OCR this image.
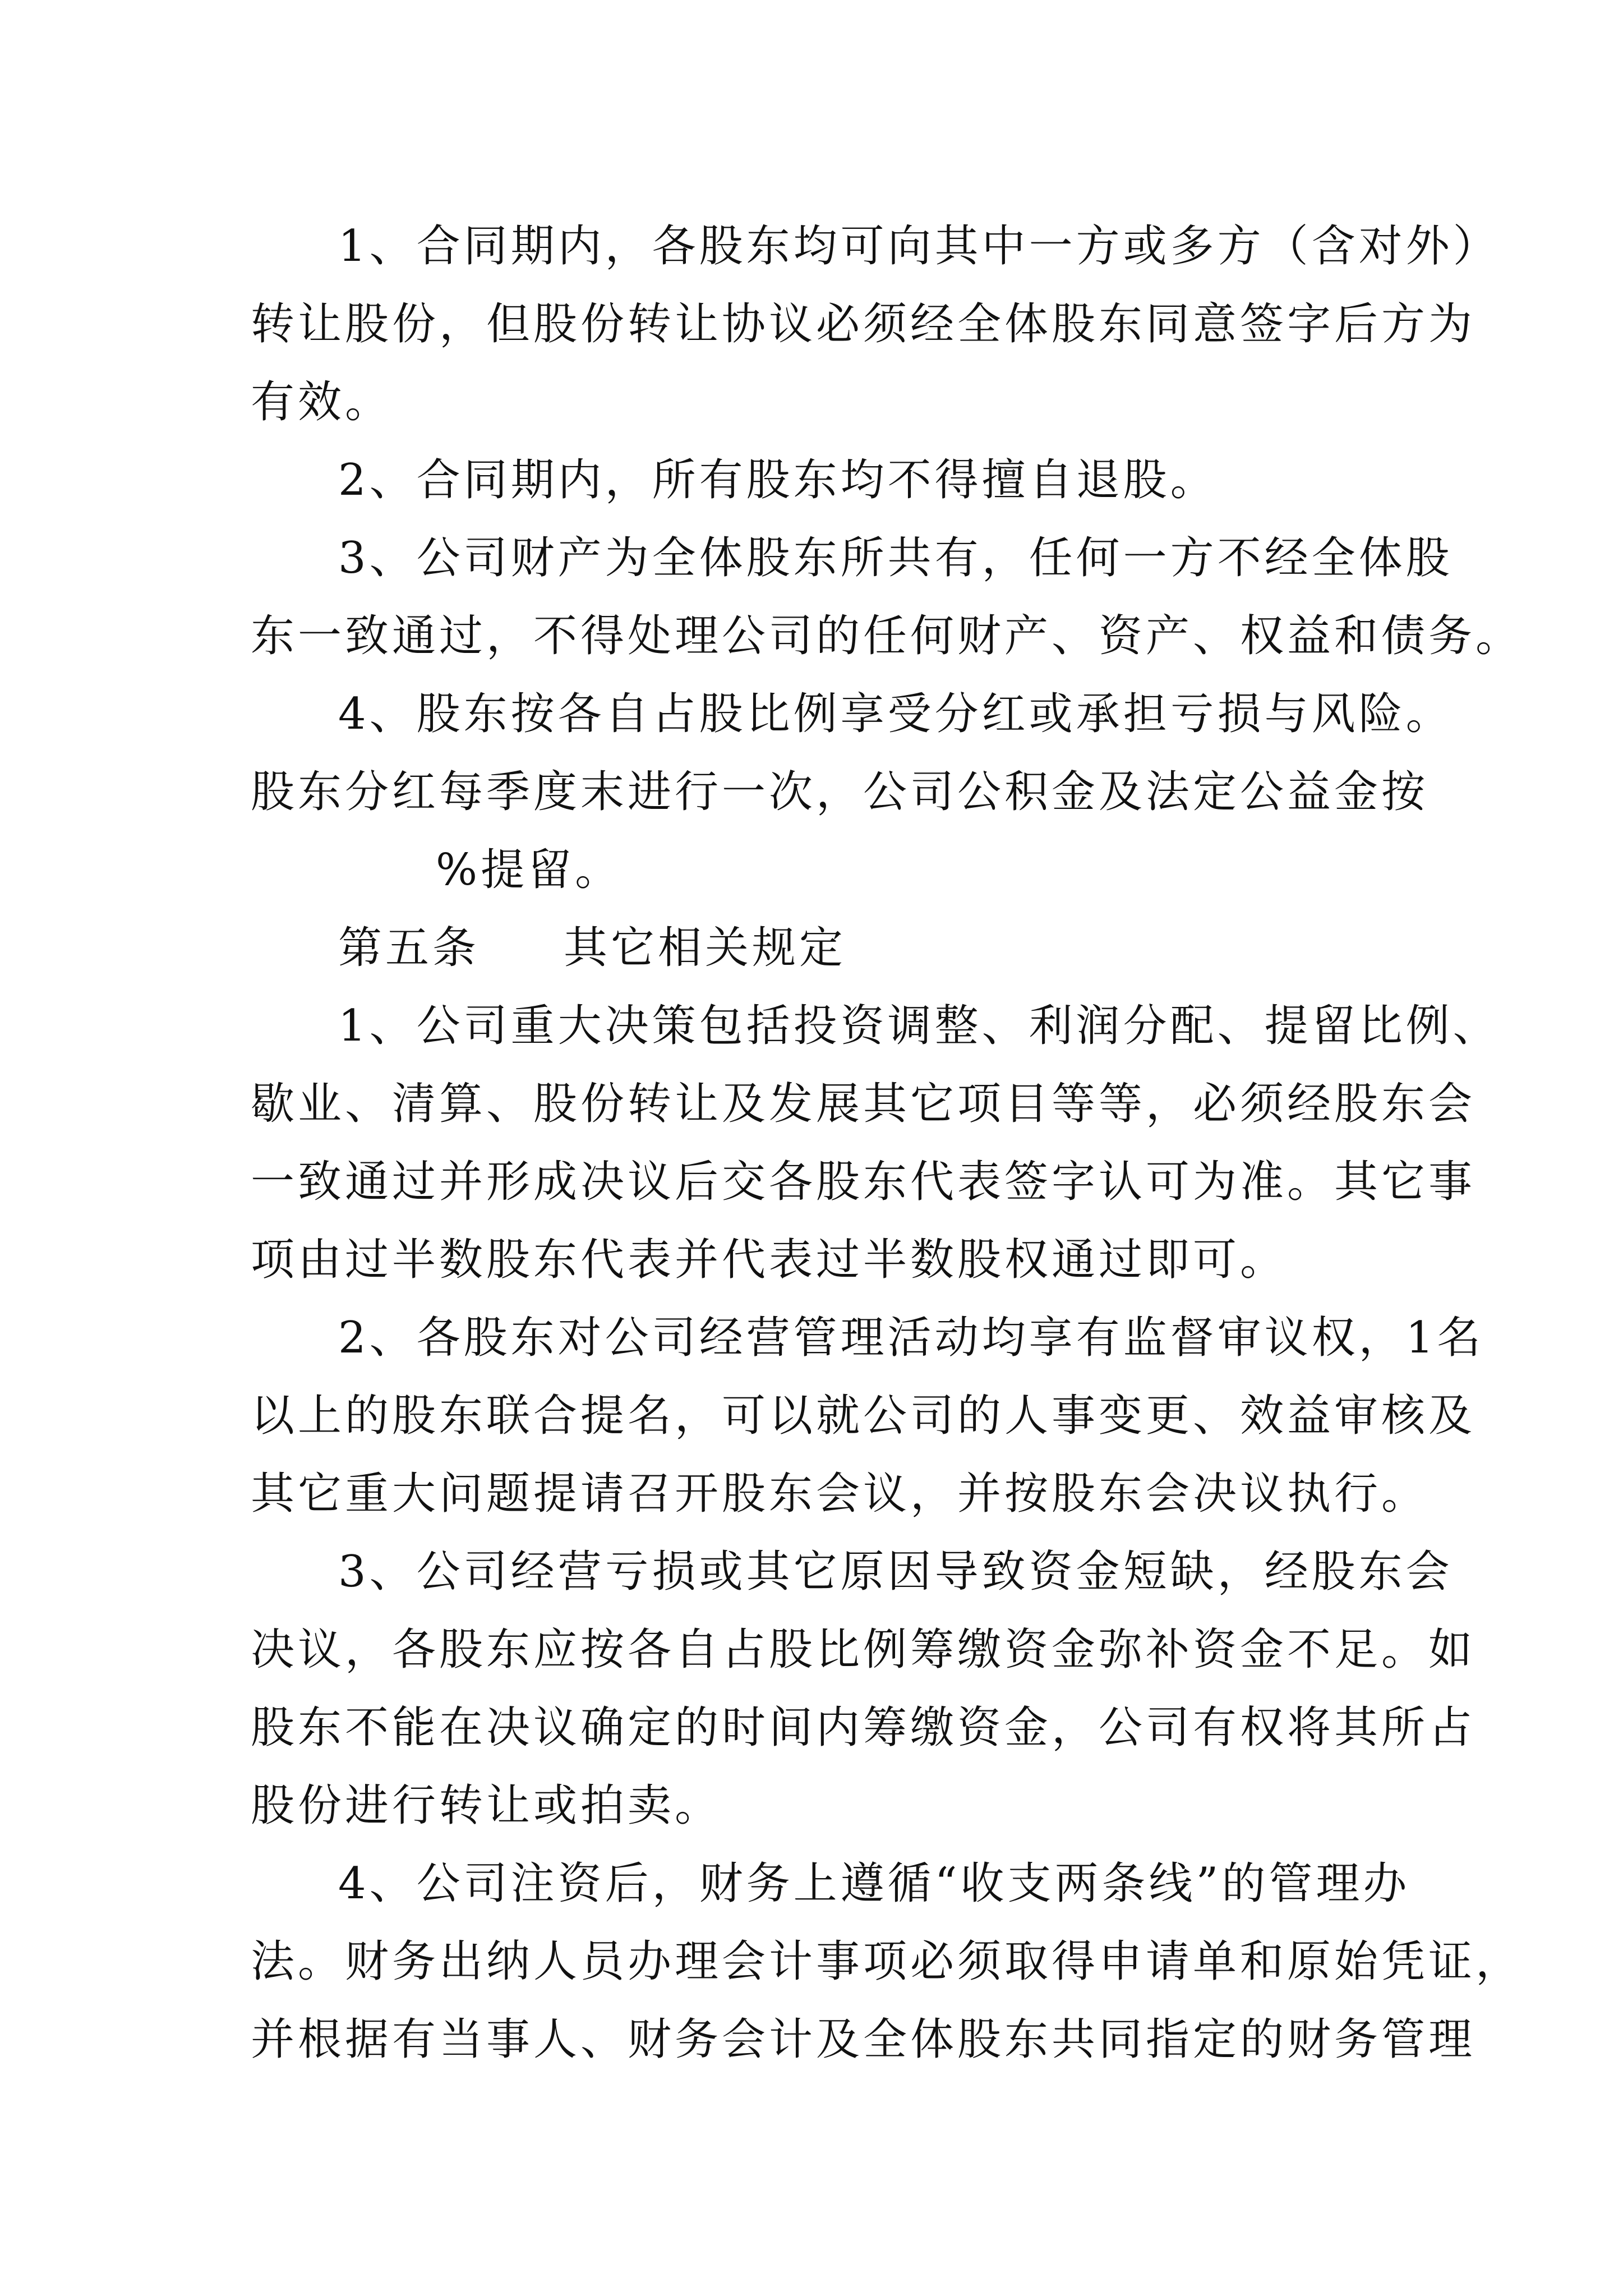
1、合同期内，各股东均可向其中一方或多方（含对外）
转让股份，但股份转让协议必须经全体股东同意签字后方为
有效。
2、合同期内，所有股东均不得擅自退股。
3、公司财产为全体股东所共有，任何一方不经全体股
东一致通过，不得处理公司的任何财产、资产、权益和债务。
4、股东按各自占股比例享受分红或承担亏损与风险。
股东分红每季度末进行一次，公司公积金及法定公益金按
%提留。
第五条 其它相关规定
1、公司重大决策包括投资调整、利润分配、提留比例、
歇业、清算、股份转让及发展其它项目等等，必须经股东会
一致通过并形成决议后交各股东代表签字认可为准。其它事
项由过半数股东代表并代表过半数股权通过即可。
2、各股东对公司经营管理活动均享有监督审议权，1名
以上的股东联合提名，可以就公司的人事变更、效益审核及
其它重大问题提请召开股东会议，并按股东会决议执行。
3、公司经营亏损或其它原因导致资金短缺，经股东会
决议，各股东应按各自占股比例筹缴资金弥补资金不足。如
股东不能在决议确定的时间内筹缴资金，公司有权将其所占
股份进行转让或拍卖。
4、公司注资后，财务上遵循“收支两条线”的管理办
法。财务出纳人员办理会计事项必须取得申请单和原始凭证，
并根据有当事人、财务会计及全体股东共同指定的财务管理
